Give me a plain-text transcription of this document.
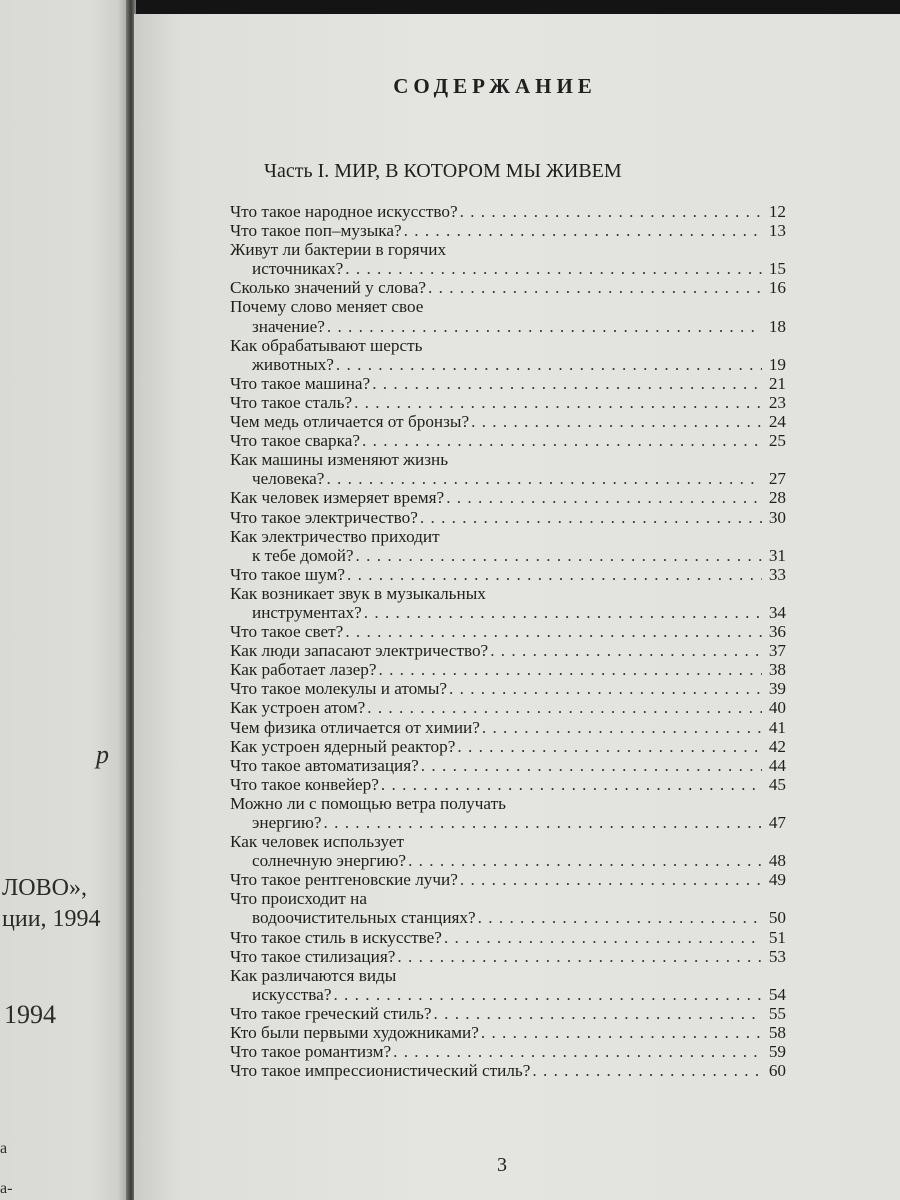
р
ЛОВО»,
ции, 1994
1994
а
а-
СОДЕРЖАНИЕ
Часть I. МИР, В КОТОРОМ МЫ ЖИВЕМ
Что такое народное искусство? . . .	12
Что такое поп–музыка? . . .	13
Живут ли бактерии в горячих
источниках? . . .	15
Сколько значений у слова? . . .	16
Почему слово меняет свое
значение? . . .	18
Как обрабатывают шерсть
животных? . . .	19
Что такое машина? . . .	21
Что такое сталь? . . .	23
Чем медь отличается от бронзы? . . .	24
Что такое сварка? . . .	25
Как машины изменяют жизнь
человека? . . .	27
Как человек измеряет время? . . .	28
Что такое электричество? . . .	30
Как электричество приходит
к тебе домой? . . .	31
Что такое шум? . . .	33
Как возникает звук в музыкальных
инструментах? . . .	34
Что такое свет? . . .	36
Как люди запасают электричество? . . .	37
Как работает лазер? . . .	38
Что такое молекулы и атомы? . . .	39
Как устроен атом? . . .	40
Чем физика отличается от химии? . . .	41
Как устроен ядерный реактор? . . .	42
Что такое автоматизация? . . .	44
Что такое конвейер? . . .	45
Можно ли с помощью ветра получать
энергию? . . .	47
Как человек использует
солнечную энергию? . . .	48
Что такое рентгеновские лучи? . . .	49
Что происходит на
водоочистительных станциях? . . .	50
Что такое стиль в искусстве? . . .	51
Что такое стилизация? . . .	53
Как различаются виды
искусства? . . .	54
Что такое греческий стиль? . . .	55
Кто были первыми художниками? . . .	58
Что такое романтизм? . . .	59
Что такое импрессионистический стиль? . . .	60
3
